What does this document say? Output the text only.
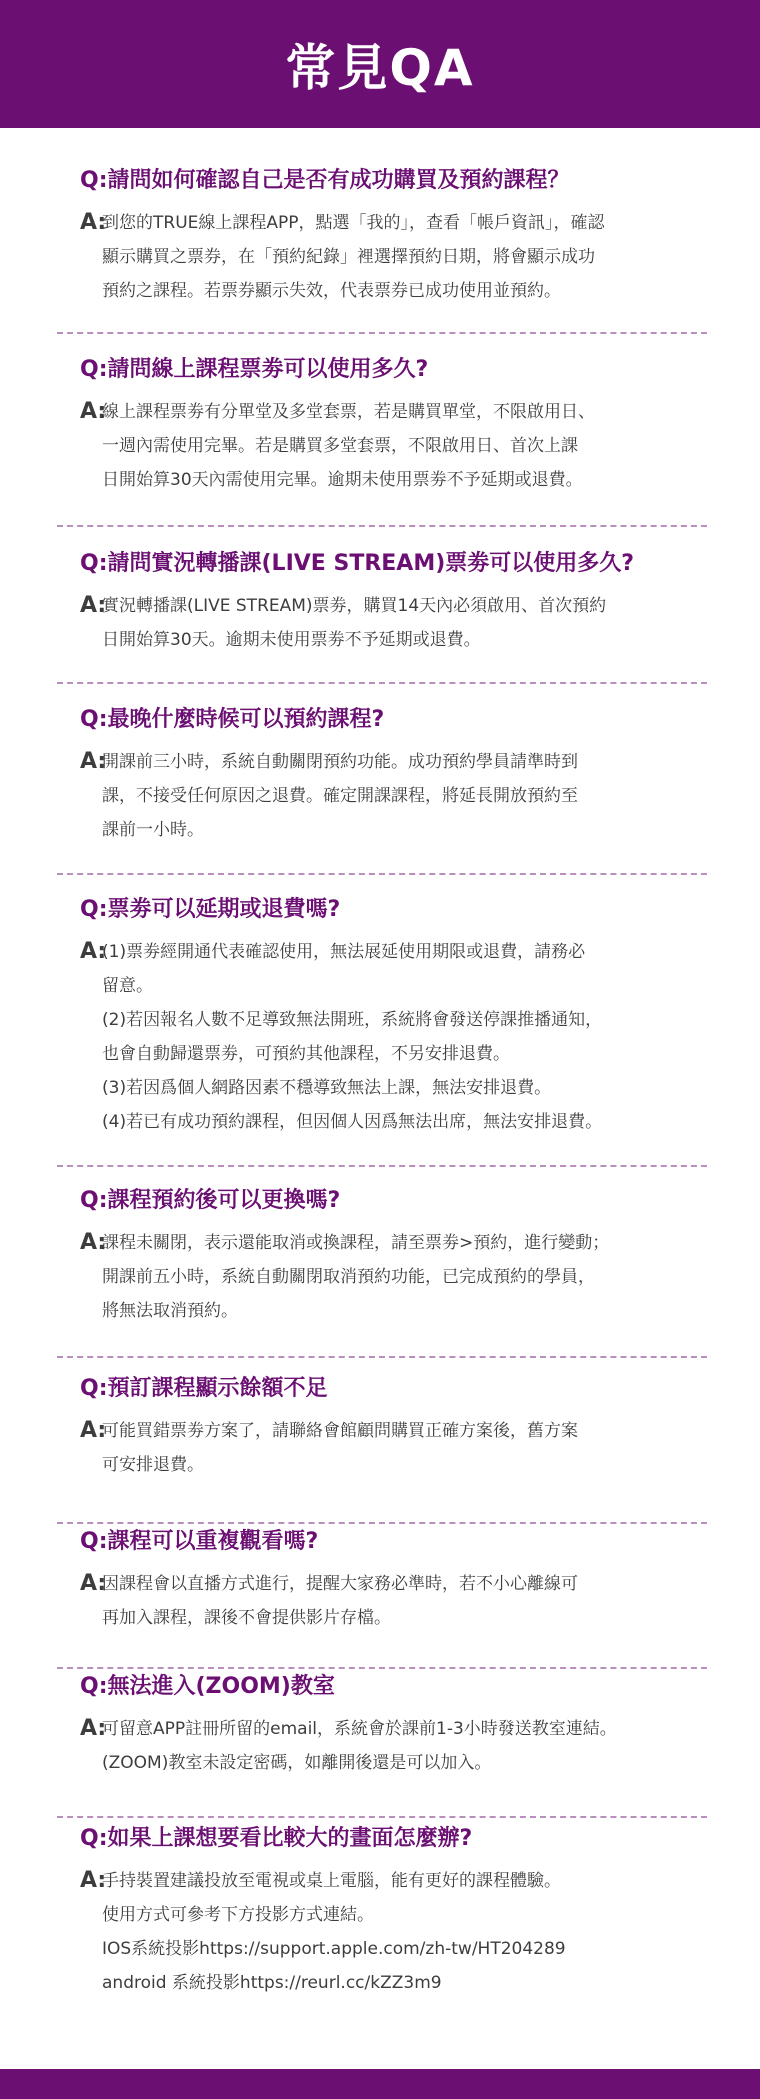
常見QA
Q:請問如何確認自己是否有成功購買及預約課程？
A:
到您的TRUE線上課程APP，點選「我的」，查看「帳戶資訊」，確認
顯示購買之票券，在「預約紀錄」裡選擇預約日期，將會顯示成功
預約之課程。若票券顯示失效，代表票券已成功使用並預約。
Q:請問線上課程票劵可以使用多久?
A:
線上課程票劵有分單堂及多堂套票，若是購買單堂，不限啟用日、
一週內需使用完畢。若是購買多堂套票，不限啟用日、首次上課
日開始算30天內需使用完畢。逾期未使用票劵不予延期或退費。
Q:請問實況轉播課(LIVE STREAM)票劵可以使用多久?
A:
實況轉播課(LIVE STREAM)票劵，購買14天內必須啟用、首次預約
日開始算30天。逾期未使用票劵不予延期或退費。
Q:最晚什麼時候可以預約課程?
A:
開課前三小時，系統自動關閉預約功能。成功預約學員請準時到
課，不接受任何原因之退費。確定開課課程，將延長開放預約至
課前一小時。
Q:票劵可以延期或退費嗎?
A:
(1)票劵經開通代表確認使用，無法展延使用期限或退費，請務必
留意。
(2)若因報名人數不足導致無法開班，系統將會發送停課推播通知，
也會自動歸還票劵，可預約其他課程，不另安排退費。
(3)若因爲個人網路因素不穩導致無法上課，無法安排退費。
(4)若已有成功預約課程，但因個人因爲無法出席，無法安排退費。
Q:課程預約後可以更換嗎?
A:
課程未關閉，表示還能取消或換課程，請至票劵>預約，進行變動；
開課前五小時，系統自動關閉取消預約功能，已完成預約的學員，
將無法取消預約。
Q:預訂課程顯示餘額不足
A:
可能買錯票劵方案了，請聯絡會館顧問購買正確方案後，舊方案
可安排退費。
Q:課程可以重複觀看嗎?
A:
因課程會以直播方式進行，提醒大家務必準時，若不小心離線可
再加入課程，課後不會提供影片存檔。
Q:無法進入(ZOOM)教室
A:
可留意APP註冊所留的email，系統會於課前1-3小時發送教室連結。
(ZOOM)教室未設定密碼，如離開後還是可以加入。
Q:如果上課想要看比較大的畫面怎麼辦?
A:
手持裝置建議投放至電視或桌上電腦，能有更好的課程體驗。
使用方式可參考下方投影方式連結。
IOS系統投影https://support.apple.com/zh-tw/HT204289
android 系統投影https://reurl.cc/kZZ3m9
